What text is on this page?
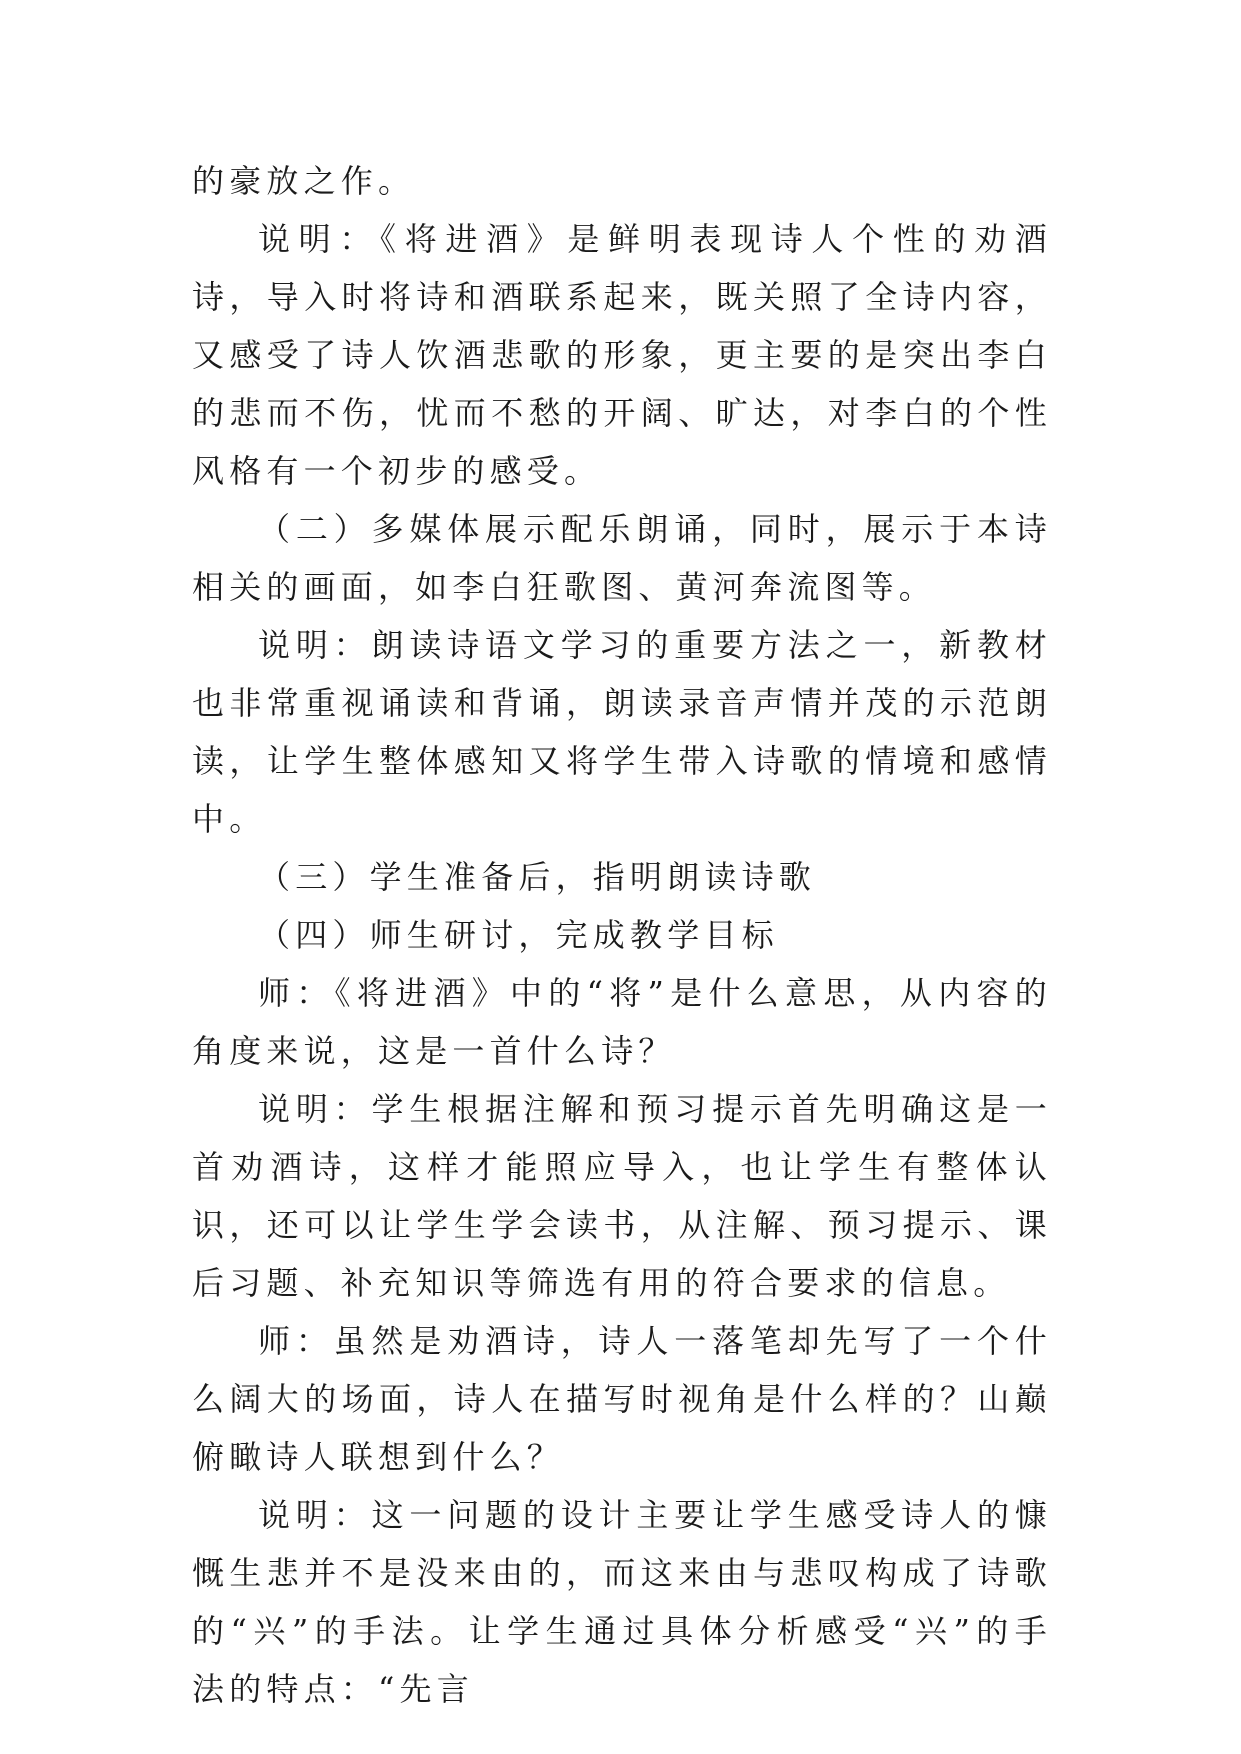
的豪放之作。

说明：《将进酒》是鲜明表现诗人个性的劝酒诗，导入时将诗和酒联系起来，既关照了全诗内容，又感受了诗人饮酒悲歌的形象，更主要的是突出李白的悲而不伤，忧而不愁的开阔、旷达，对李白的个性风格有一个初步的感受。

（二）多媒体展示配乐朗诵，同时，展示于本诗相关的画面，如李白狂歌图、黄河奔流图等。

说明：朗读诗语文学习的重要方法之一，新教材也非常重视诵读和背诵，朗读录音声情并茂的示范朗读，让学生整体感知又将学生带入诗歌的情境和感情中。

（三）学生准备后，指明朗读诗歌

（四）师生研讨，完成教学目标

师：《将进酒》中的“将”是什么意思，从内容的角度来说，这是一首什么诗？

说明：学生根据注解和预习提示首先明确这是一首劝酒诗，这样才能照应导入，也让学生有整体认识，还可以让学生学会读书，从注解、预习提示、课后习题、补充知识等筛选有用的符合要求的信息。

师：虽然是劝酒诗，诗人一落笔却先写了一个什么阔大的场面，诗人在描写时视角是什么样的？山巅俯瞰诗人联想到什么？

说明：这一问题的设计主要让学生感受诗人的慷慨生悲并不是没来由的，而这来由与悲叹构成了诗歌的“兴”的手法。让学生通过具体分析感受“兴”的手法的特点：“先言
